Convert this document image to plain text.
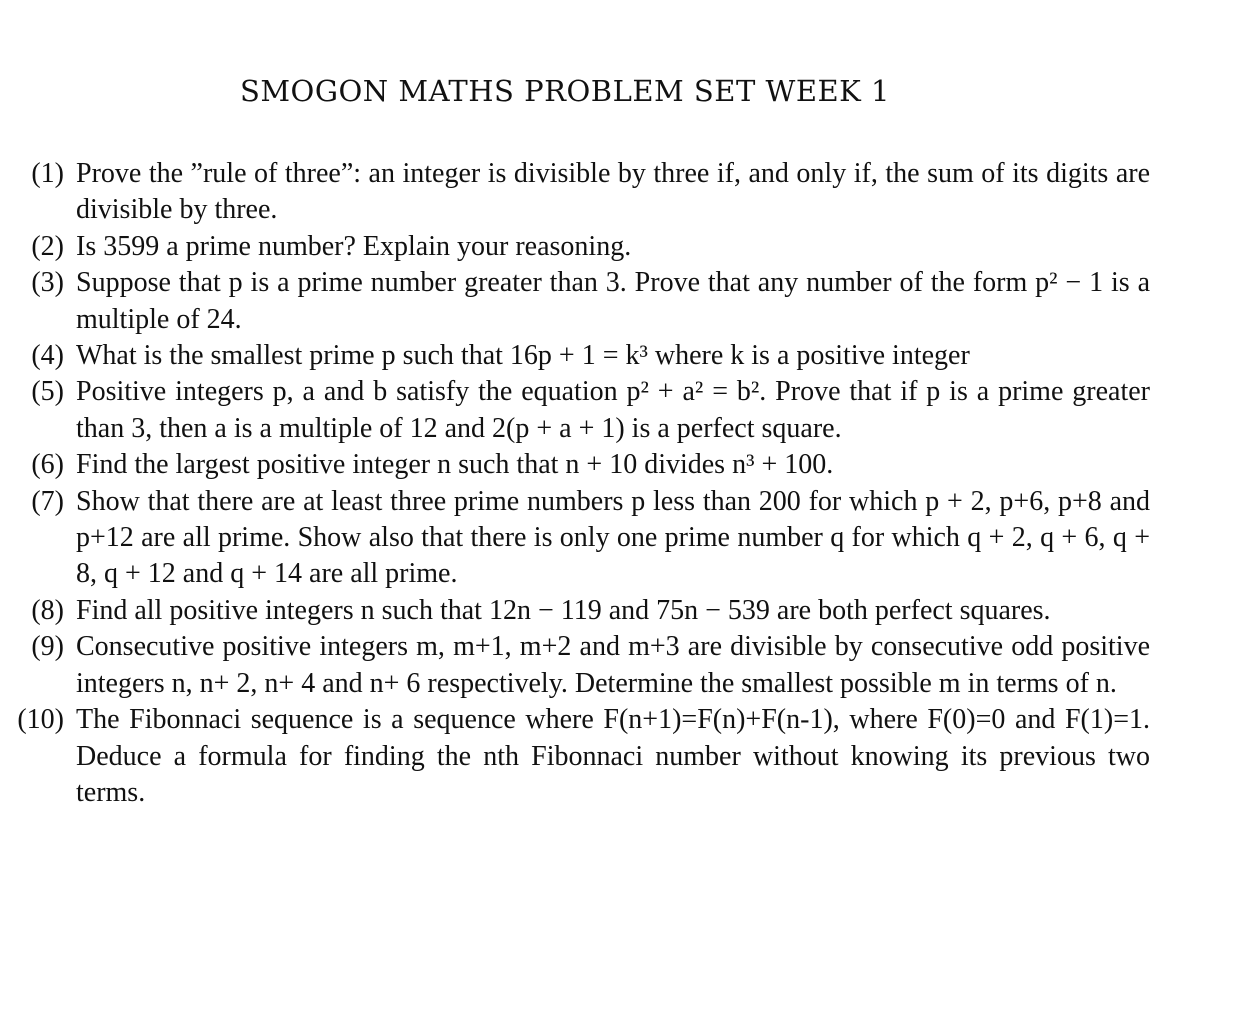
SMOGON MATHS PROBLEM SET WEEK 1
(1) Prove the ”rule of three”: an integer is divisible by three if, and only if, the sum of its digits are divisible by three.
(2) Is 3599 a prime number? Explain your reasoning.
(3) Suppose that p is a prime number greater than 3. Prove that any number of the form p² − 1 is a multiple of 24.
(4) What is the smallest prime p such that 16p + 1 = k³ where k is a positive integer
(5) Positive integers p, a and b satisfy the equation p² + a² = b². Prove that if p is a prime greater than 3, then a is a multiple of 12 and 2(p + a + 1) is a perfect square.
(6) Find the largest positive integer n such that n + 10 divides n³ + 100.
(7) Show that there are at least three prime numbers p less than 200 for which p + 2, p+6, p+8 and p+12 are all prime. Show also that there is only one prime number q for which q + 2, q + 6, q + 8, q + 12 and q + 14 are all prime.
(8) Find all positive integers n such that 12n − 119 and 75n − 539 are both perfect squares.
(9) Consecutive positive integers m, m+1, m+2 and m+3 are divisible by consecutive odd positive integers n, n+ 2, n+ 4 and n+ 6 respectively. Determine the smallest possible m in terms of n.
(10) The Fibonnaci sequence is a sequence where F(n+1)=F(n)+F(n-1), where F(0)=0 and F(1)=1. Deduce a formula for finding the nth Fibonnaci number without knowing its previous two terms.
